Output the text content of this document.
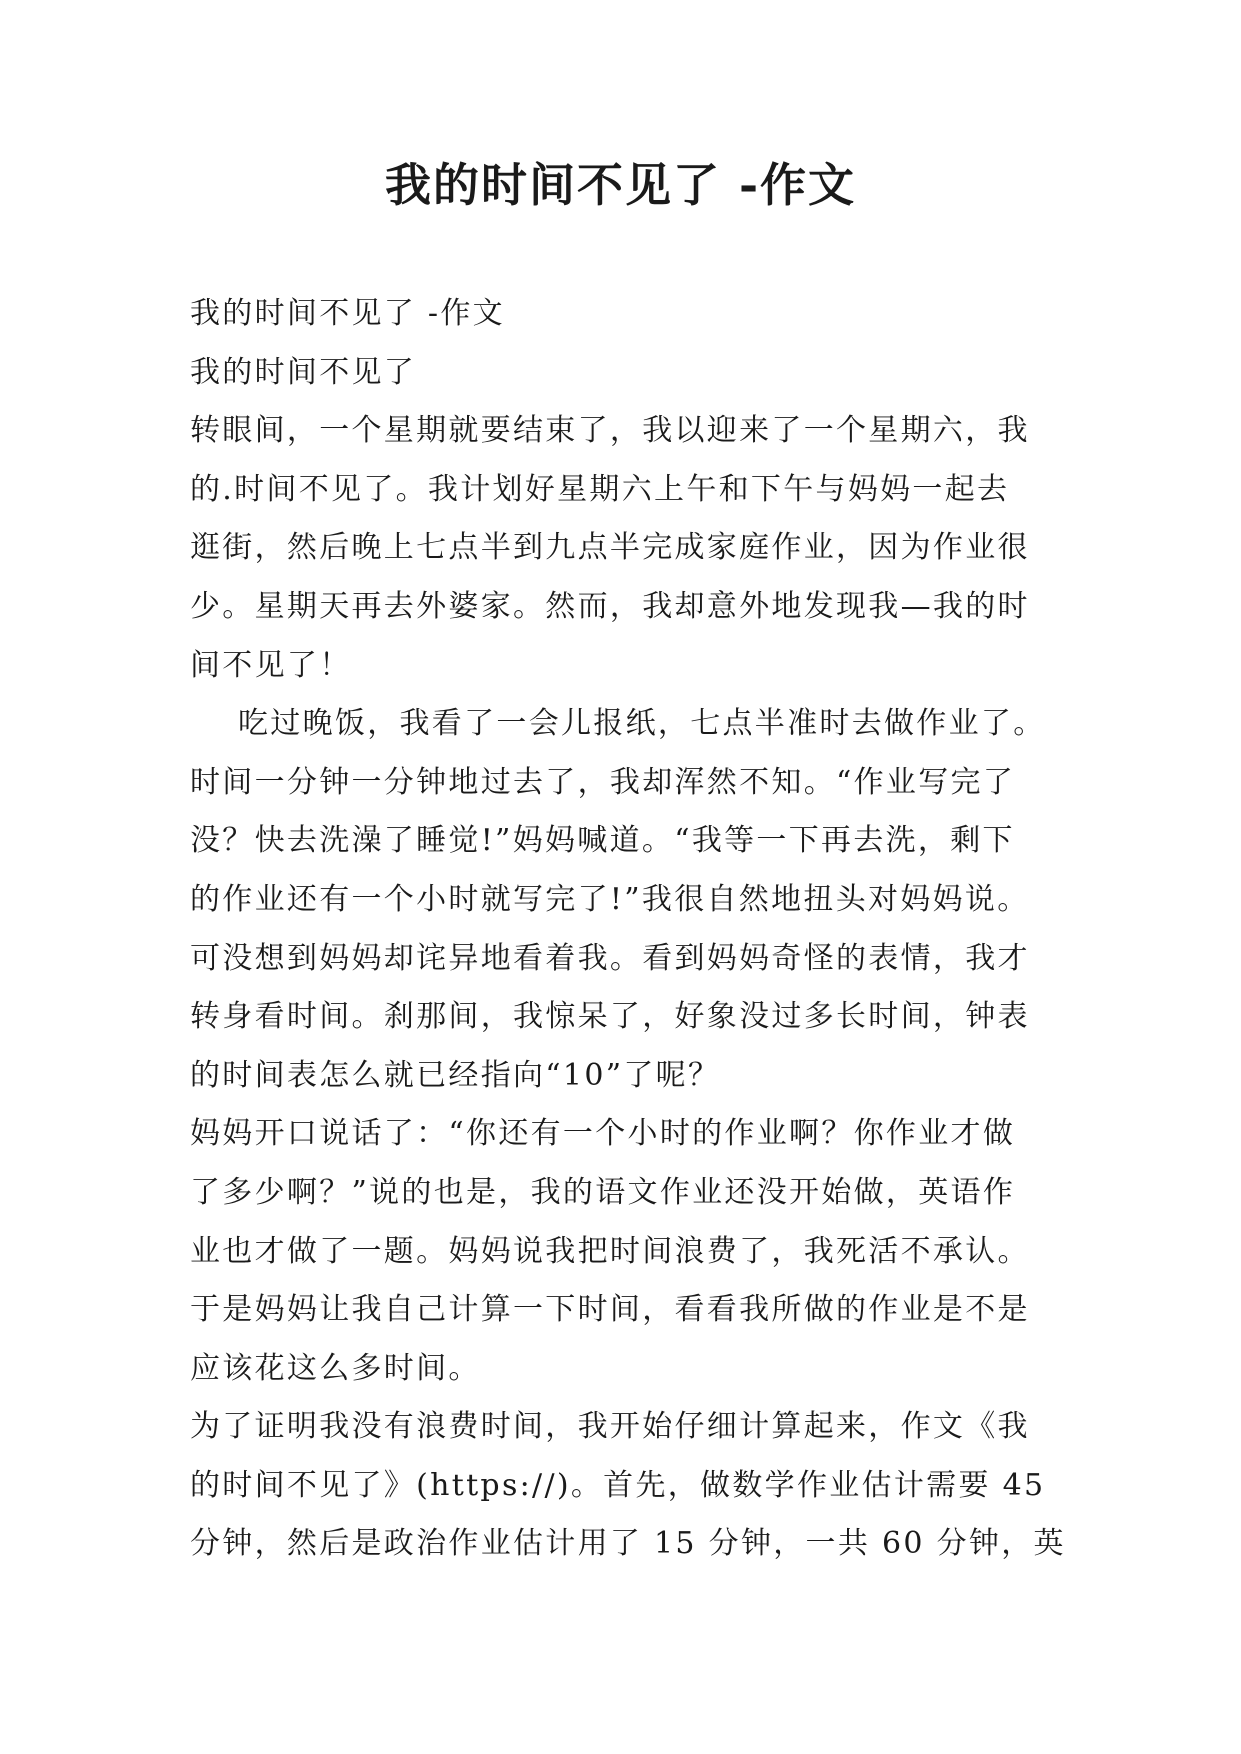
我的时间不见了 -作文
我的时间不见了 -作文
我的时间不见了
转眼间，一个星期就要结束了，我以迎来了一个星期六，我
的.时间不见了。我计划好星期六上午和下午与妈妈一起去
逛街，然后晚上七点半到九点半完成家庭作业，因为作业很
少。星期天再去外婆家。然而，我却意外地发现我—我的时
间不见了！
吃过晚饭，我看了一会儿报纸，七点半准时去做作业了。
时间一分钟一分钟地过去了，我却浑然不知。“作业写完了
没？快去洗澡了睡觉!”妈妈喊道。“我等一下再去洗，剩下
的作业还有一个小时就写完了!”我很自然地扭头对妈妈说。
可没想到妈妈却诧异地看着我。看到妈妈奇怪的表情，我才
转身看时间。刹那间，我惊呆了，好象没过多长时间，钟表
的时间表怎么就已经指向“10”了呢？
妈妈开口说话了：“你还有一个小时的作业啊？你作业才做
了多少啊？”说的也是，我的语文作业还没开始做，英语作
业也才做了一题。妈妈说我把时间浪费了，我死活不承认。
于是妈妈让我自己计算一下时间，看看我所做的作业是不是
应该花这么多时间。
为了证明我没有浪费时间，我开始仔细计算起来，作文《我
的时间不见了》(https://)。首先，做数学作业估计需要 45
分钟，然后是政治作业估计用了 15 分钟，一共 60 分钟，英
